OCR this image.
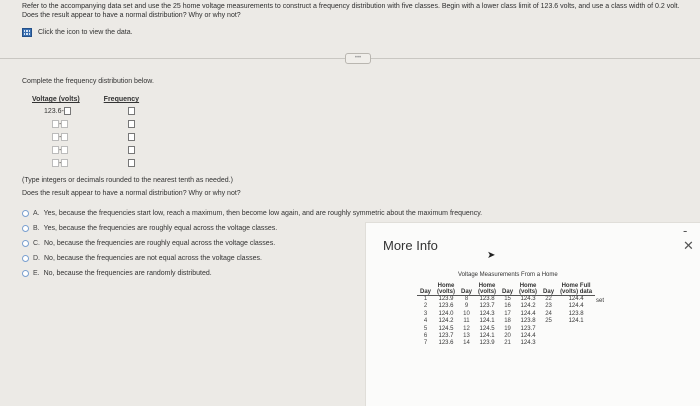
Refer to the accompanying data set and use the 25 home voltage measurements to construct a frequency distribution with five classes. Begin with a lower class limit of 123.6 volts, and use a class width of 0.2 volt. Does the result appear to have a normal distribution? Why or why not?
Click the icon to view the data.
•••
Complete the frequency distribution below.
Voltage (volts)	Frequency
123.6 -
-
-
-
-
(Type integers or decimals rounded to the nearest tenth as needed.)
Does the result appear to have a normal distribution? Why or why not?
A. Yes, because the frequencies start low, reach a maximum, then become low again, and are roughly symmetric about the maximum frequency.
B. Yes, because the frequencies are roughly equal across the voltage classes.
C. No, because the frequencies are roughly equal across the voltage classes.
D. No, because the frequencies are not equal across the voltage classes.
E. No, because the frequencies are randomly distributed.
More Info
- ✕
➤
Voltage Measurements From a Home
	Home		Home		Home		Home Full
Day	(volts)	Day	(volts)	Day	(volts)	Day	(volts) data
1	123.9	8	123.8	15	124.3	22	124.4
2	123.6	9	123.7	16	124.2	23	124.4
3	124.0	10	124.3	17	124.4	24	123.8
4	124.2	11	124.1	18	123.8	25	124.1
5	124.5	12	124.5	19	123.7		
6	123.7	13	124.1	20	124.4		
7	123.6	14	123.9	21	124.3		
set
